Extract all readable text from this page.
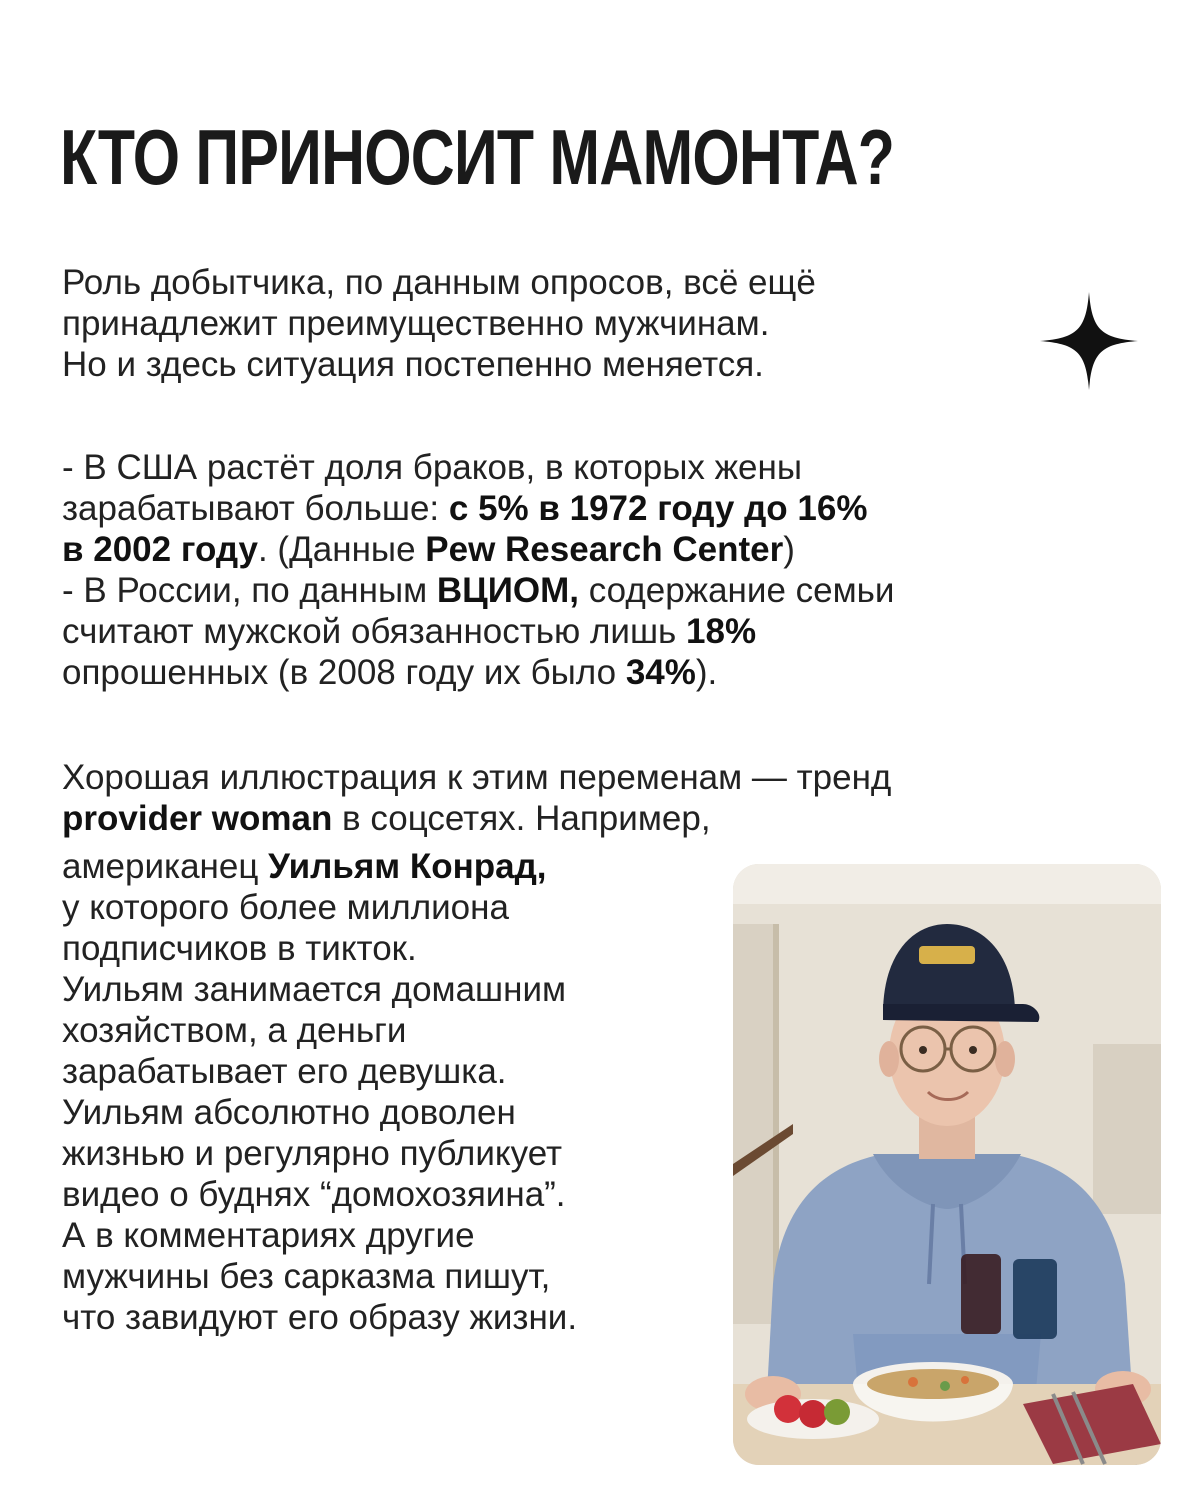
КТО ПРИНОСИТ МАМОНТА?
Роль добытчика, по данным опросов, всё ещё
принадлежит преимущественно мужчинам.
Но и здесь ситуация постепенно меняется.
- В США растёт доля браков, в которых жены
зарабатывают больше: с 5% в 1972 году до 16%
в 2002 году. (Данные Pew Research Center)
- В России, по данным ВЦИОМ, содержание семьи
считают мужской обязанностью лишь 18%
опрошенных (в 2008 году их было 34%).
Хорошая иллюстрация к этим переменам — тренд
provider woman в соцсетях. Например,
американец Уильям Конрад,
у которого более миллиона
подписчиков в тикток.
Уильям занимается домашним
хозяйством, а деньги
зарабатывает его девушка.
Уильям абсолютно доволен
жизнью и регулярно публикует
видео о буднях “домохозяина”.
А в комментариях другие
мужчины без сарказма пишут,
что завидуют его образу жизни.
